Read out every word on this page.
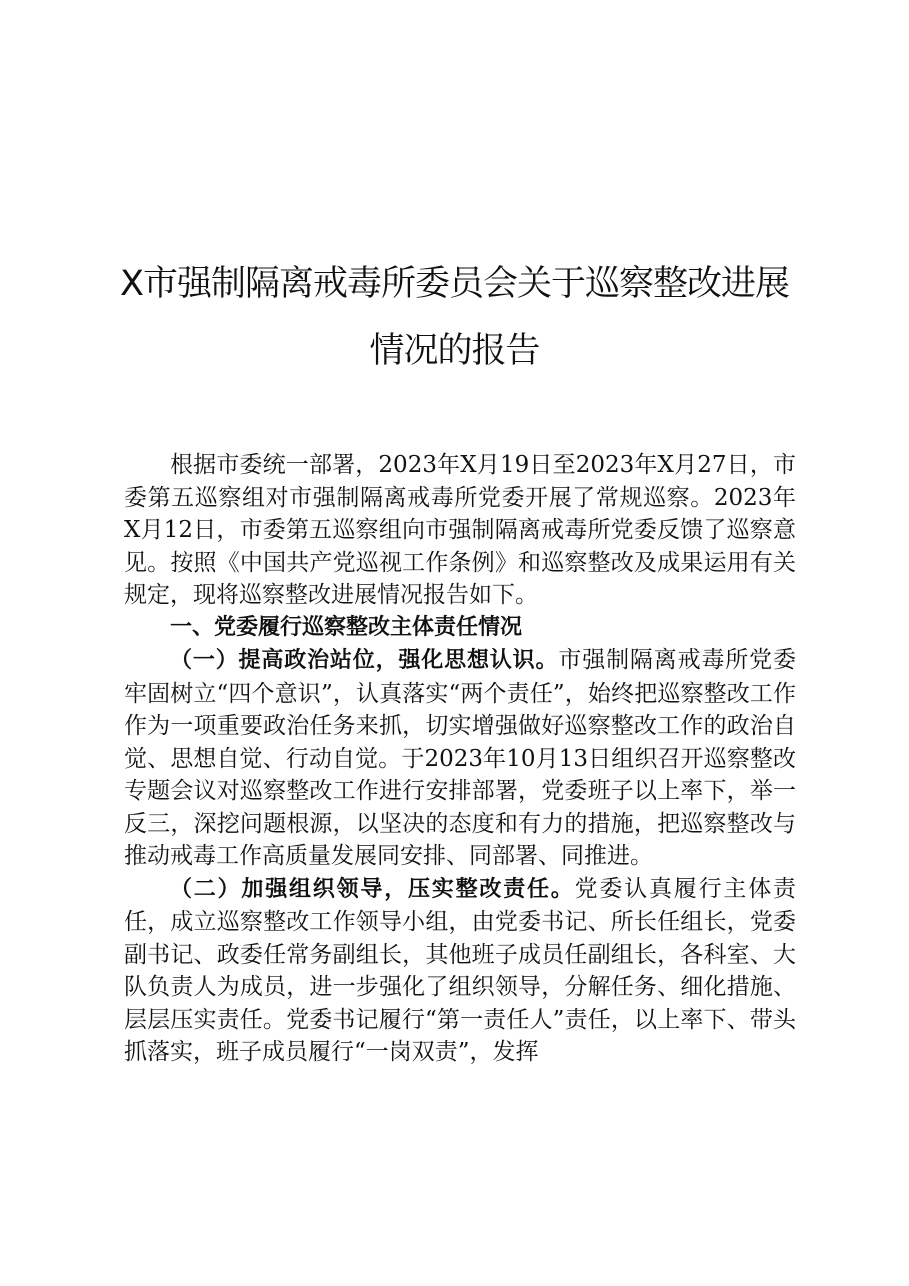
X市强制隔离戒毒所委员会关于巡察整改进展
情况的报告

根据市委统一部署，2023年X月19日至2023年X月27日，市委第五巡察组对市强制隔离戒毒所党委开展了常规巡察。2023年X月12日，市委第五巡察组向市强制隔离戒毒所党委反馈了巡察意见。按照《中国共产党巡视工作条例》和巡察整改及成果运用有关规定，现将巡察整改进展情况报告如下。

一、党委履行巡察整改主体责任情况

（一）提高政治站位，强化思想认识。市强制隔离戒毒所党委牢固树立“四个意识”，认真落实“两个责任”，始终把巡察整改工作作为一项重要政治任务来抓，切实增强做好巡察整改工作的政治自觉、思想自觉、行动自觉。于2023年10月13日组织召开巡察整改专题会议对巡察整改工作进行安排部署，党委班子以上率下，举一反三，深挖问题根源，以坚决的态度和有力的措施，把巡察整改与推动戒毒工作高质量发展同安排、同部署、同推进。

（二）加强组织领导，压实整改责任。党委认真履行主体责任，成立巡察整改工作领导小组，由党委书记、所长任组长，党委副书记、政委任常务副组长，其他班子成员任副组长，各科室、大队负责人为成员，进一步强化了组织领导，分解任务、细化措施、层层压实责任。党委书记履行“第一责任人”责任，以上率下、带头抓落实，班子成员履行“一岗双责”，发挥
